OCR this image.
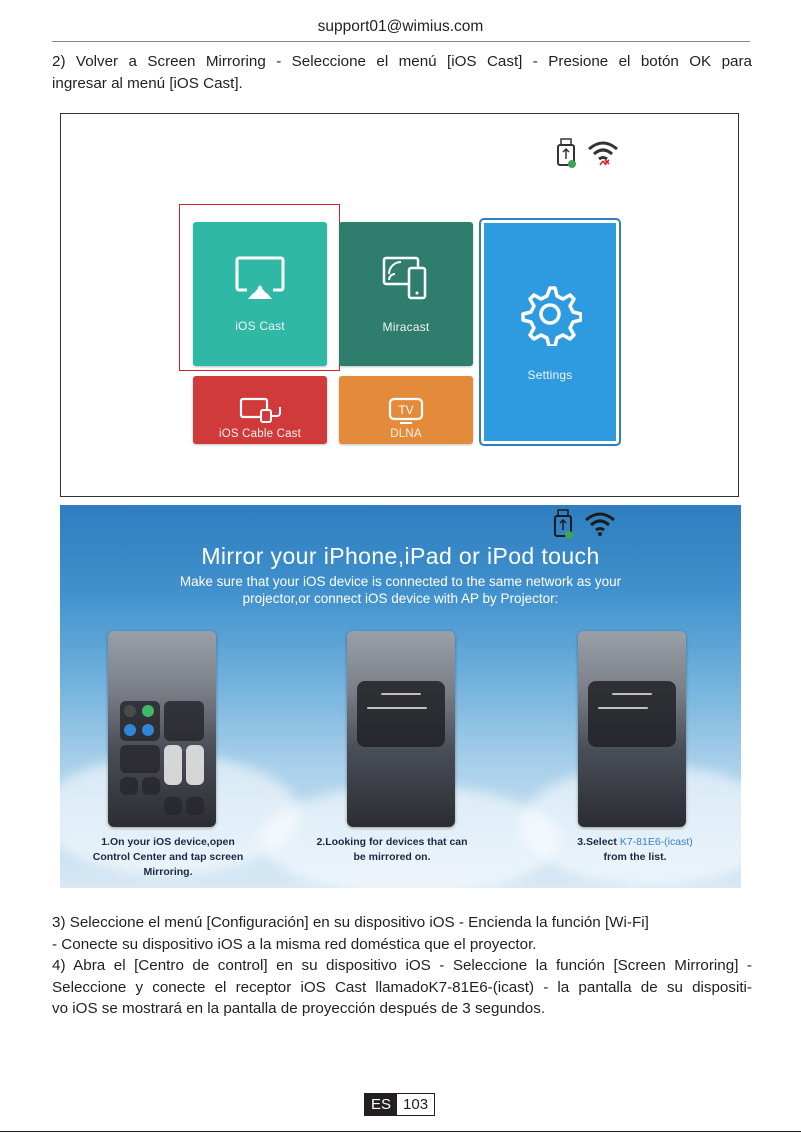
support01@wimius.com
2) Volver a Screen Mirroring - Seleccione el menú [iOS Cast] - Presione el botón OK para
ingresar al menú [iOS Cast].
iOS Cast	Miracast
Settings
iOS Cable Cast
TV
DLNA
Mirror your iPhone,iPad or iPod touch
Make sure that your iOS device is connected to the same network as your
projector,or connect iOS device with AP by Projector:
1.On your iOS device,open
Control Center and tap screen
Mirroring.
2.Looking for devices that can
be mirrored on.
3.Select K7-81E6-(icast)
from the list.
3) Seleccione el menú [Configuración] en su dispositivo iOS - Encienda la función [Wi-Fi]
- Conecte su dispositivo iOS a la misma red doméstica que el proyector.
4) Abra el [Centro de control] en su dispositivo iOS - Seleccione la función [Screen Mirroring] -
Seleccione y conecte el receptor iOS Cast llamadoK7-81E6-(icast) - la pantalla de su dispositi-
vo iOS se mostrará en la pantalla de proyección después de 3 segundos.
ES 103
